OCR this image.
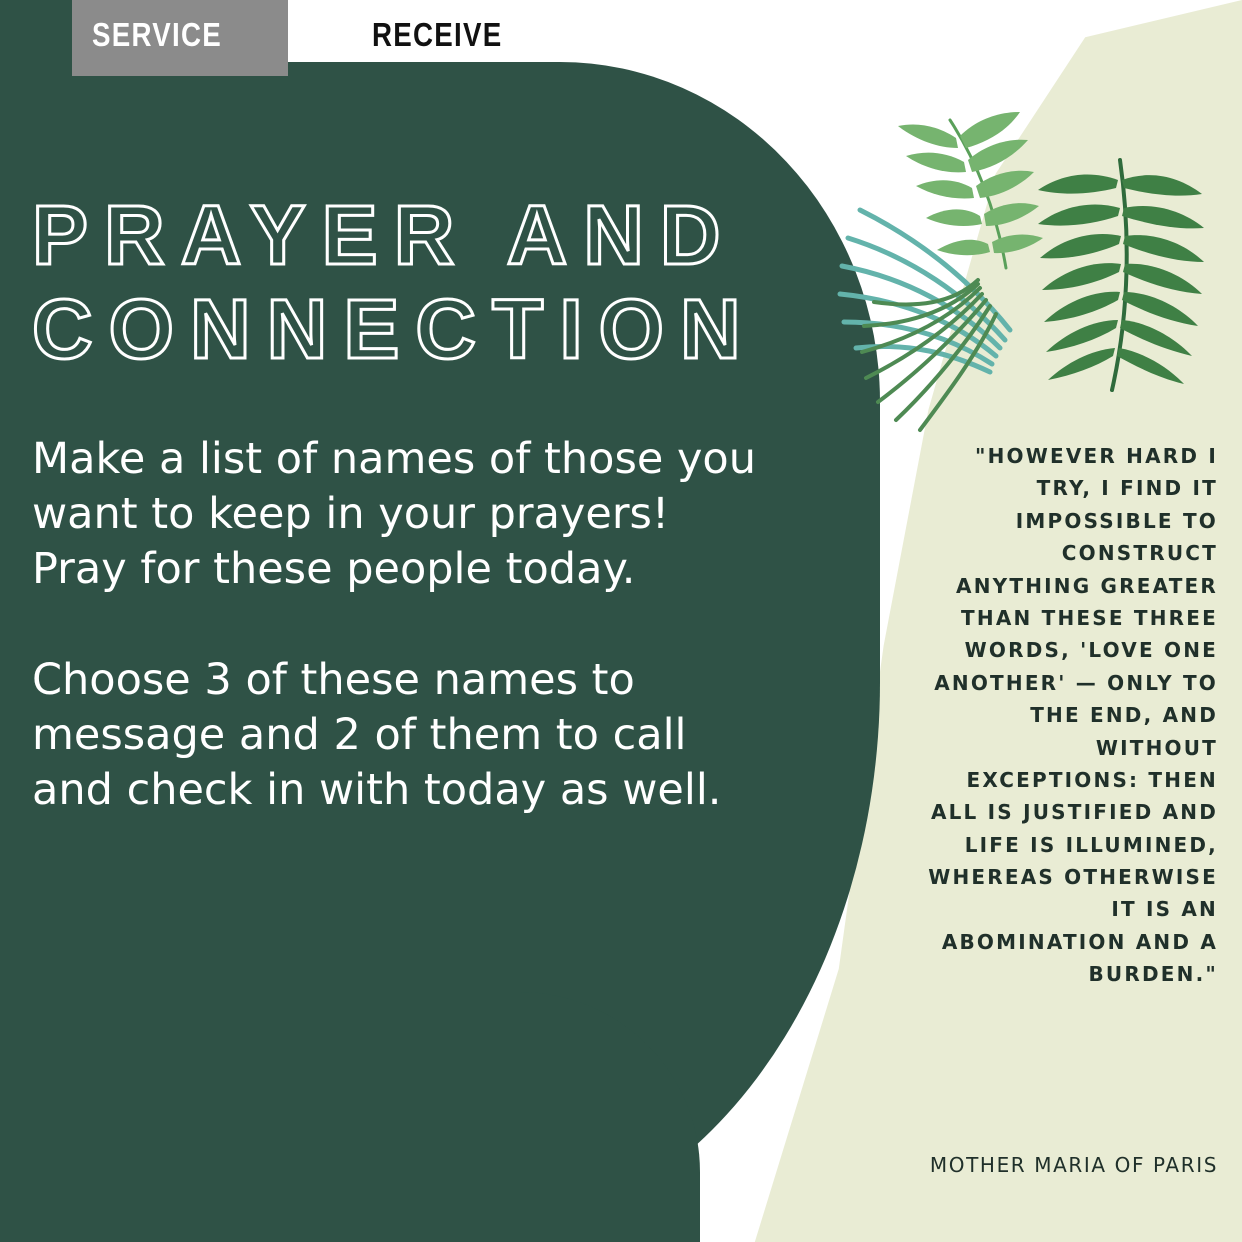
SERVICE	RECEIVE
PRAYER AND
CONNECTION

Make a list of names of those you want to keep in your prayers! Pray for these people today.

Choose 3 of these names to message and 2 of them to call and check in with today as well.

"HOWEVER HARD I TRY, I FIND IT IMPOSSIBLE TO CONSTRUCT ANYTHING GREATER THAN THESE THREE WORDS, 'LOVE ONE ANOTHER' — ONLY TO THE END, AND WITHOUT EXCEPTIONS: THEN ALL IS JUSTIFIED AND LIFE IS ILLUMINED, WHEREAS OTHERWISE IT IS AN ABOMINATION AND A BURDEN."
MOTHER MARIA OF PARIS
